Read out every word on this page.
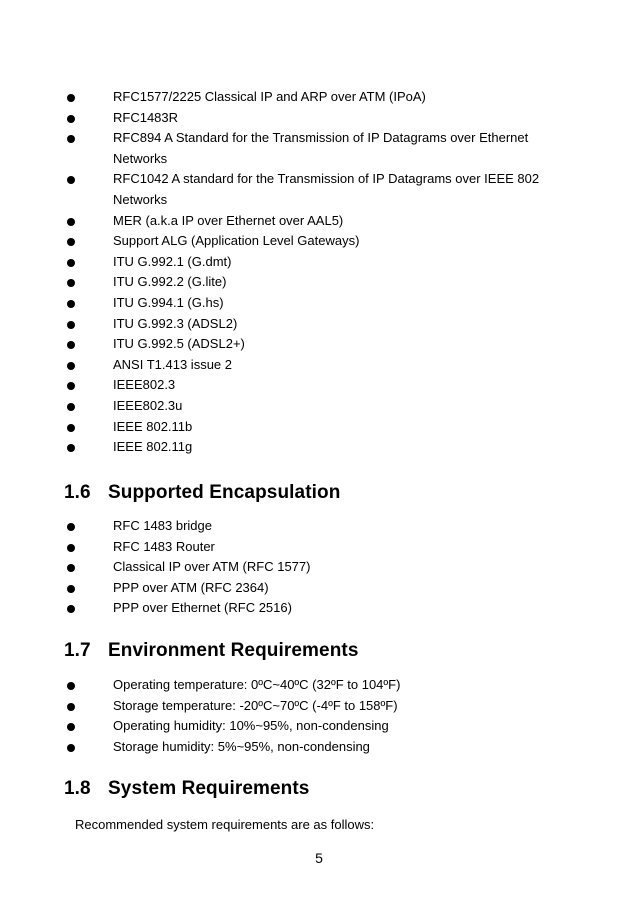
RFC1577/2225 Classical IP and ARP over ATM (IPoA)
RFC1483R
RFC894 A Standard for the Transmission of IP Datagrams over Ethernet Networks
RFC1042 A standard for the Transmission of IP Datagrams over IEEE 802 Networks
MER (a.k.a IP over Ethernet over AAL5)
Support ALG (Application Level Gateways)
ITU G.992.1 (G.dmt)
ITU G.992.2 (G.lite)
ITU G.994.1 (G.hs)
ITU G.992.3 (ADSL2)
ITU G.992.5 (ADSL2+)
ANSI T1.413 issue 2
IEEE802.3
IEEE802.3u
IEEE 802.11b
IEEE 802.11g
1.6 Supported Encapsulation
RFC 1483 bridge
RFC 1483 Router
Classical IP over ATM (RFC 1577)
PPP over ATM (RFC 2364)
PPP over Ethernet (RFC 2516)
1.7 Environment Requirements
Operating temperature: 0ºC~40ºC (32ºF to 104ºF)
Storage temperature: -20ºC~70ºC (-4ºF to 158ºF)
Operating humidity: 10%~95%, non-condensing
Storage humidity: 5%~95%, non-condensing
1.8 System Requirements

Recommended system requirements are as follows:

5
